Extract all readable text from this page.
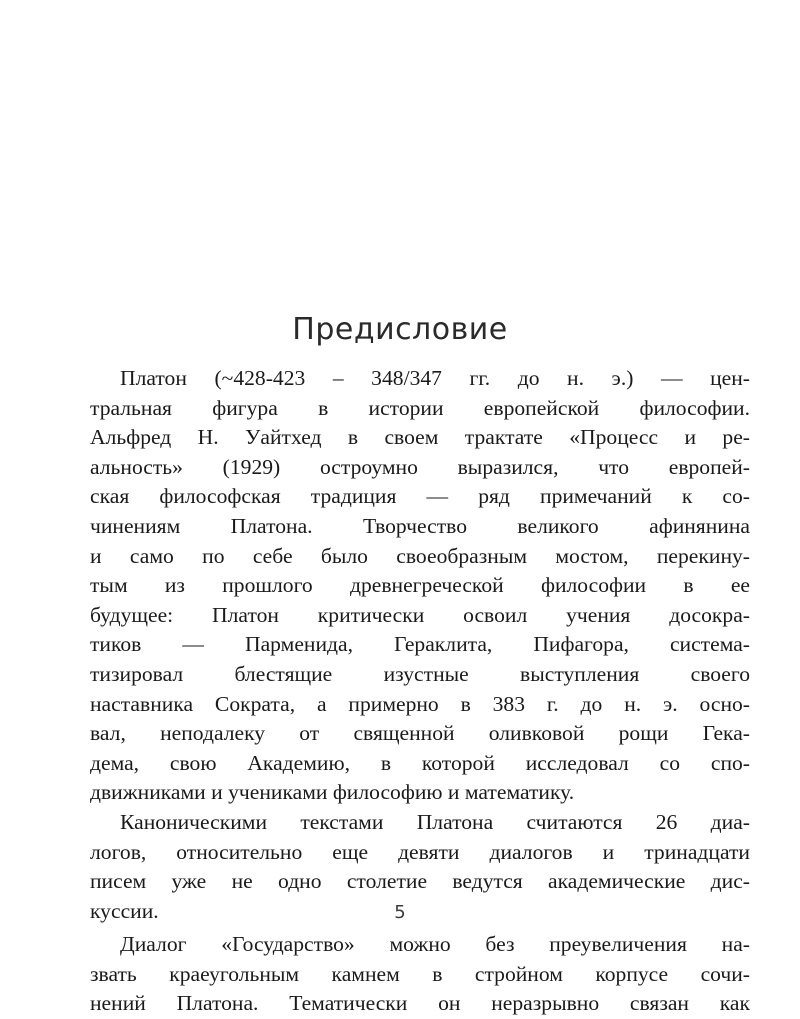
Предисловие

Платон (~428-423 – 348/347 гг. до н. э.) — цен-
тральная фигура в истории европейской философии.
Альфред Н. Уайтхед в своем трактате «Процесс и ре-
альность» (1929) остроумно выразился, что европей-
ская философская традиция — ряд примечаний к со-
чинениям Платона. Творчество великого афинянина
и само по себе было своеобразным мостом, перекину-
тым из прошлого древнегреческой философии в ее
будущее: Платон критически освоил учения досокра-
тиков — Парменида, Гераклита, Пифагора, система-
тизировал блестящие изустные выступления своего
наставника Сократа, а примерно в 383 г. до н. э. осно-
вал, неподалеку от священной оливковой рощи Гека-
дема, свою Академию, в которой исследовал со спо-
движниками и учениками философию и математику.

Каноническими текстами Платона считаются 26 диа-
логов, относительно еще девяти диалогов и тринадцати
писем уже не одно столетие ведутся академические дис-
куссии.

Диалог «Государство» можно без преувеличения на-
звать краеугольным камнем в стройном корпусе сочи-
нений Платона. Тематически он неразрывно связан как

5
